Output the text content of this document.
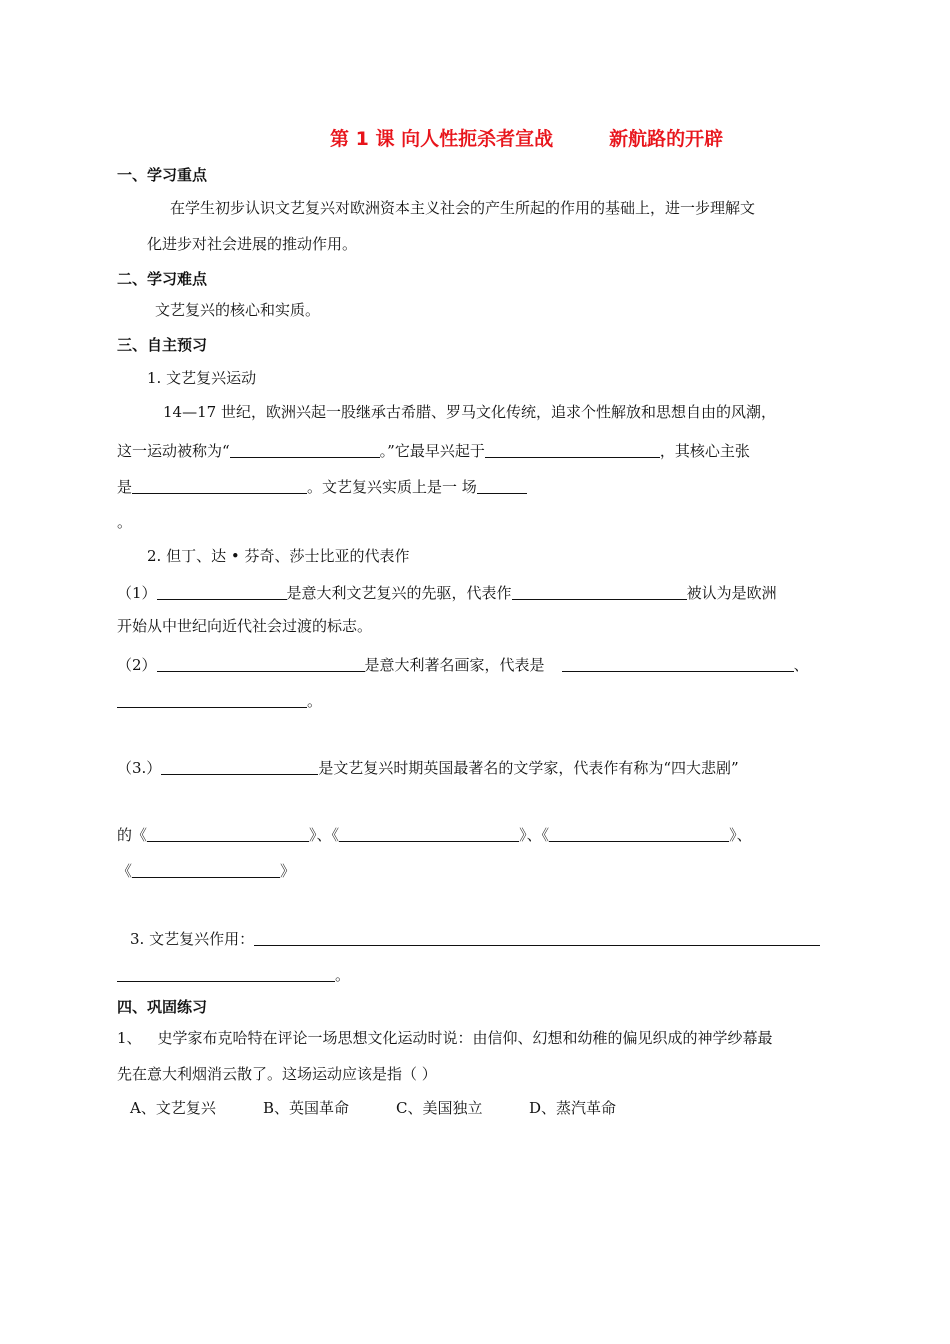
第 1 课 向人性扼杀者宣战	新航路的开辟
一、学习重点
在学生初步认识文艺复兴对欧洲资本主义社会的产生所起的作用的基础上，进一步理解文
化进步对社会进展的推动作用。
二、学习难点
文艺复兴的核心和实质。
三、自主预习
1. 文艺复兴运动
14—17 世纪，欧洲兴起一股继承古希腊、罗马文化传统，追求个性解放和思想自由的风潮，
这一运动被称为“	。”它最早兴起于	，其核心主张
是	。文艺复兴实质上是一 场
。
2. 但丁、达 • 芬奇、莎士比亚的代表作
（1）	是意大利文艺复兴的先驱，代表作	被认为是欧洲
开始从中世纪向近代社会过渡的标志。
（2）	是意大利著名画家，代表是	、
。
（3.）	是文艺复兴时期英国最著名的文学家，代表作有称为“四大悲剧”
的《	》、《	》、《	》、
《	》
3. 文艺复兴作用：
。
四、巩固练习
1、 史学家布克哈特在评论一场思想文化运动时说：由信仰、幻想和幼稚的偏见织成的神学纱幕最
先在意大利烟消云散了。这场运动应该是指（ ）
A、文艺复兴	B、英国革命	C、美国独立	D、蒸汽革命
